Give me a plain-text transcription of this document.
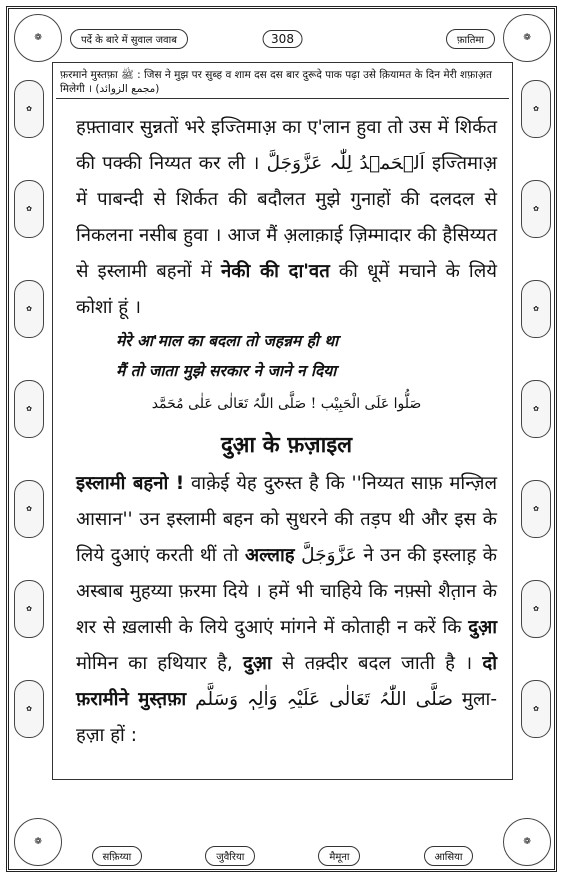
पर्दे के बारे में सुवाल जवाब	308	फ़ातिमा
❁	❁
❁	❁
✿
✿
✿
✿
✿
✿
✿
✿
✿
✿
✿
✿
✿
✿
फ़रमाने मुस्तफ़ा ﷺ : जिस ने मुझ पर सुब्ह व शाम दस दस बार दुरूदे पाक पढ़ा उसे क़ियामत के दिन मेरी शफ़ाअ़त मिलेगी । (مجمع الزوائد)

हफ़्तावार सुन्नतों भरे इज्तिमाअ़ का ए'लान हुवा तो उस में शिर्कत की पक्की निय्यत कर ली । اَلۡحَمۡدُ لِلّٰہ عَزَّوَجَلَّ इज्तिमाअ़ में पाबन्दी से शिर्कत की बदौलत मुझे गुनाहों की दलदल से निकलना नसीब हुवा । आज मैं अ़लाक़ाई ज़िम्मादार की हैसिय्यत से इस्लामी बहनों में नेकी की दा'वत की धूमें मचाने के लिये कोशां हूं ।

मेरे आ'माल का बदला तो जहन्नम ही था
मैं तो जाता मुझे सरकार ने जाने न दिया
صَلُّوا عَلَی الْحَبِیْب ! صَلَّی اللّٰہُ تَعَالٰی عَلٰی مُحَمَّد
दुआ़ के फ़ज़ाइल

इस्लामी बहनो ! वाक़ेई येह दुरुस्त है कि ''निय्यत साफ़ मन्ज़िल आसान'' उन इस्लामी बहन को सुधरने की तड़प थी और इस के लिये दुआएं करती थीं तो अल्लाह عَزَّوَجَلَّ ने उन की इस्लाह़ के अस्बाब मुहय्या फ़रमा दिये । हमें भी चाहिये कि नफ़्सो शैत़ान के शर से ख़लासी के लिये दुआएं मांगने में कोताही न करें कि दुआ़ मोमिन का हथियार है, दुआ़ से तक़्दीर बदल जाती है । दो फ़रामीने मुस्त़फ़ा صَلَّی اللّٰہُ تَعَالٰی عَلَیْہِ وَاٰلِہٖ وَسَلَّم मुला-हज़ा हों :

सफ़िय्या	जुवैरिया	मैमूना	आसिया
